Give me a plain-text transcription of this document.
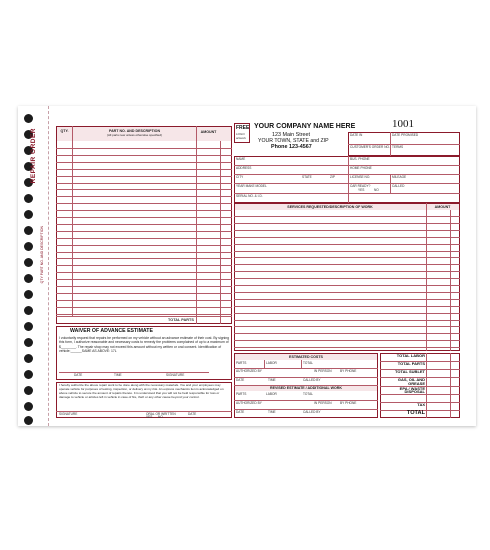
REPAIR ORDER
QTY PART NO. AND DESCRIPTION
QTY.	PART NO. AND DESCRIPTION
(All parts new unless otherwise specified)
AMOUNT
TOTAL PARTS
WAIVER OF ADVANCE ESTIMATE
I voluntarily request that repairs be performed on my vehicle without an advance estimate of their cost. By signing this form, I authorize reasonable and necessary costs to remedy the problems complained of up to a maximum of $________. The repair shop may not exceed this amount without my written or oral consent. Identification of vehicle:______SAME AS ABOVE: 17L
DATE	TIME	SIGNATURE
I hereby authorize the above repair work to be done along with the necessary materials. You and your employees may operate vehicle for purposes of testing, inspection, or delivery at my risk. An express mechanics lien is acknowledged on above vehicle to secure the amount of repairs thereto. It is understood that you will not be held responsible for loss or damage to vehicle or articles left in vehicle in case of fire, theft or any other cause beyond your control.
SIGNATURE	ORAL OR WRITTEN
YES NO
DATE
FREE
LOGO
artwork
YOUR COMPANY NAME HERE
123 Main Street
YOUR TOWN, STATE and ZIP
Phone 123-4567
1001
DATE IN	DATE PROMISED
CUSTOMER'S ORDER NO. TERMS
NAME	BUS. PHONE
ADDRESS	HOME PHONE
CITY	STATE	ZIP	LICENSE NO.	MILEAGE
YEAR MAKE MODEL	CAR READY?
YES	NO
CALLED
SERIAL NO. & I.D.
SERVICES REQUESTED/DESCRIPTION OF WORK	AMOUNT
ESTIMATED COSTS
PARTS	LABOR	TOTAL
AUTHORIZED BY	IN PERSON	BY PHONE
DATE	TIME	CALLED BY
REVISED ESTIMATE / ADDITIONAL WORK
PARTS	LABOR	TOTAL
AUTHORIZED BY	IN PERSON	BY PHONE
DATE	TIME	CALLED BY
TOTAL LABOR
TOTAL PARTS
TOTAL SUBLET
GAS, OIL AND GREASE
EPA / WASTE DISPOSAL
TAX
TOTAL
